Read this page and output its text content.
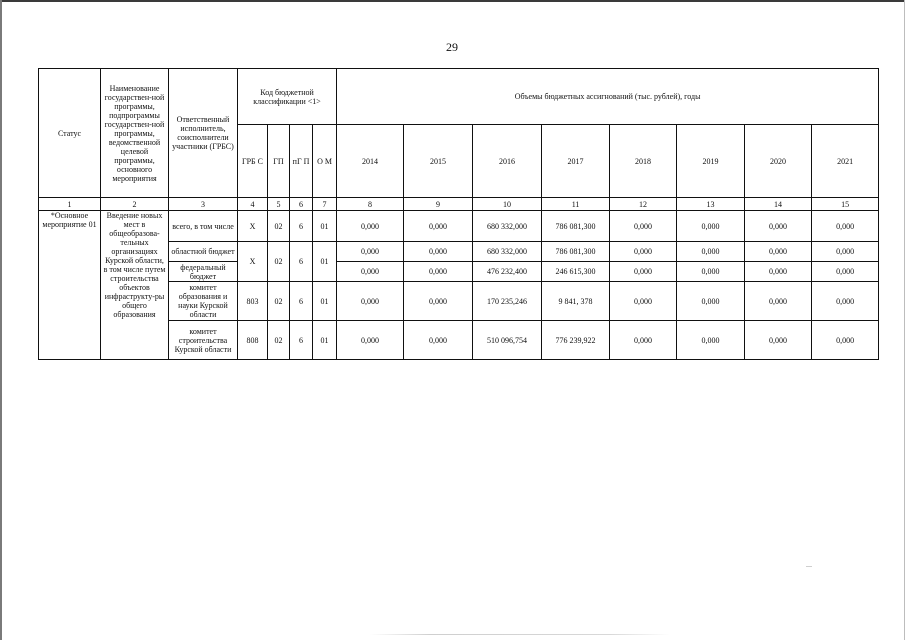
29
Статус	Наименование государствен-ной программы, подпрограммы государствен-ной программы, ведомственной целевой программы, основного мероприятия	Ответственный исполнитель, соисполнители участники (ГРБС)	Код бюджетной классификации <1>				Объемы бюджетных ассигнований (тыс. рублей), годы							
			ГРБ С	ГП	пГ П	О М	2014	2015	2016	2017	2018	2019	2020	2021
1	2	3	4	5	6	7	8	9	10	11	12	13	14	15
*Основное мероприятие 01	Введение новых мест в общеобразова-тельных организациях Курской области, в том числе путем строительства объектов инфраструкту-ры общего образования	всего, в том числе	Х	02	6	01	0,000	0,000	680 332,000	786 081,300	0,000	0,000	0,000	0,000
		областной бюджет	Х	02	6	01	0,000	0,000	680 332,000	786 081,300	0,000	0,000	0,000	0,000
		федеральный бюджет					0,000	0,000	476 232,400	246 615,300	0,000	0,000	0,000	0,000
		комитет образования и науки Курской области	803	02	6	01	0,000	0,000	170 235,246	9 841, 378	0,000	0,000	0,000	0,000
		комитет строительства Курской области	808	02	6	01	0,000	0,000	510 096,754	776 239,922	0,000	0,000	0,000	0,000
